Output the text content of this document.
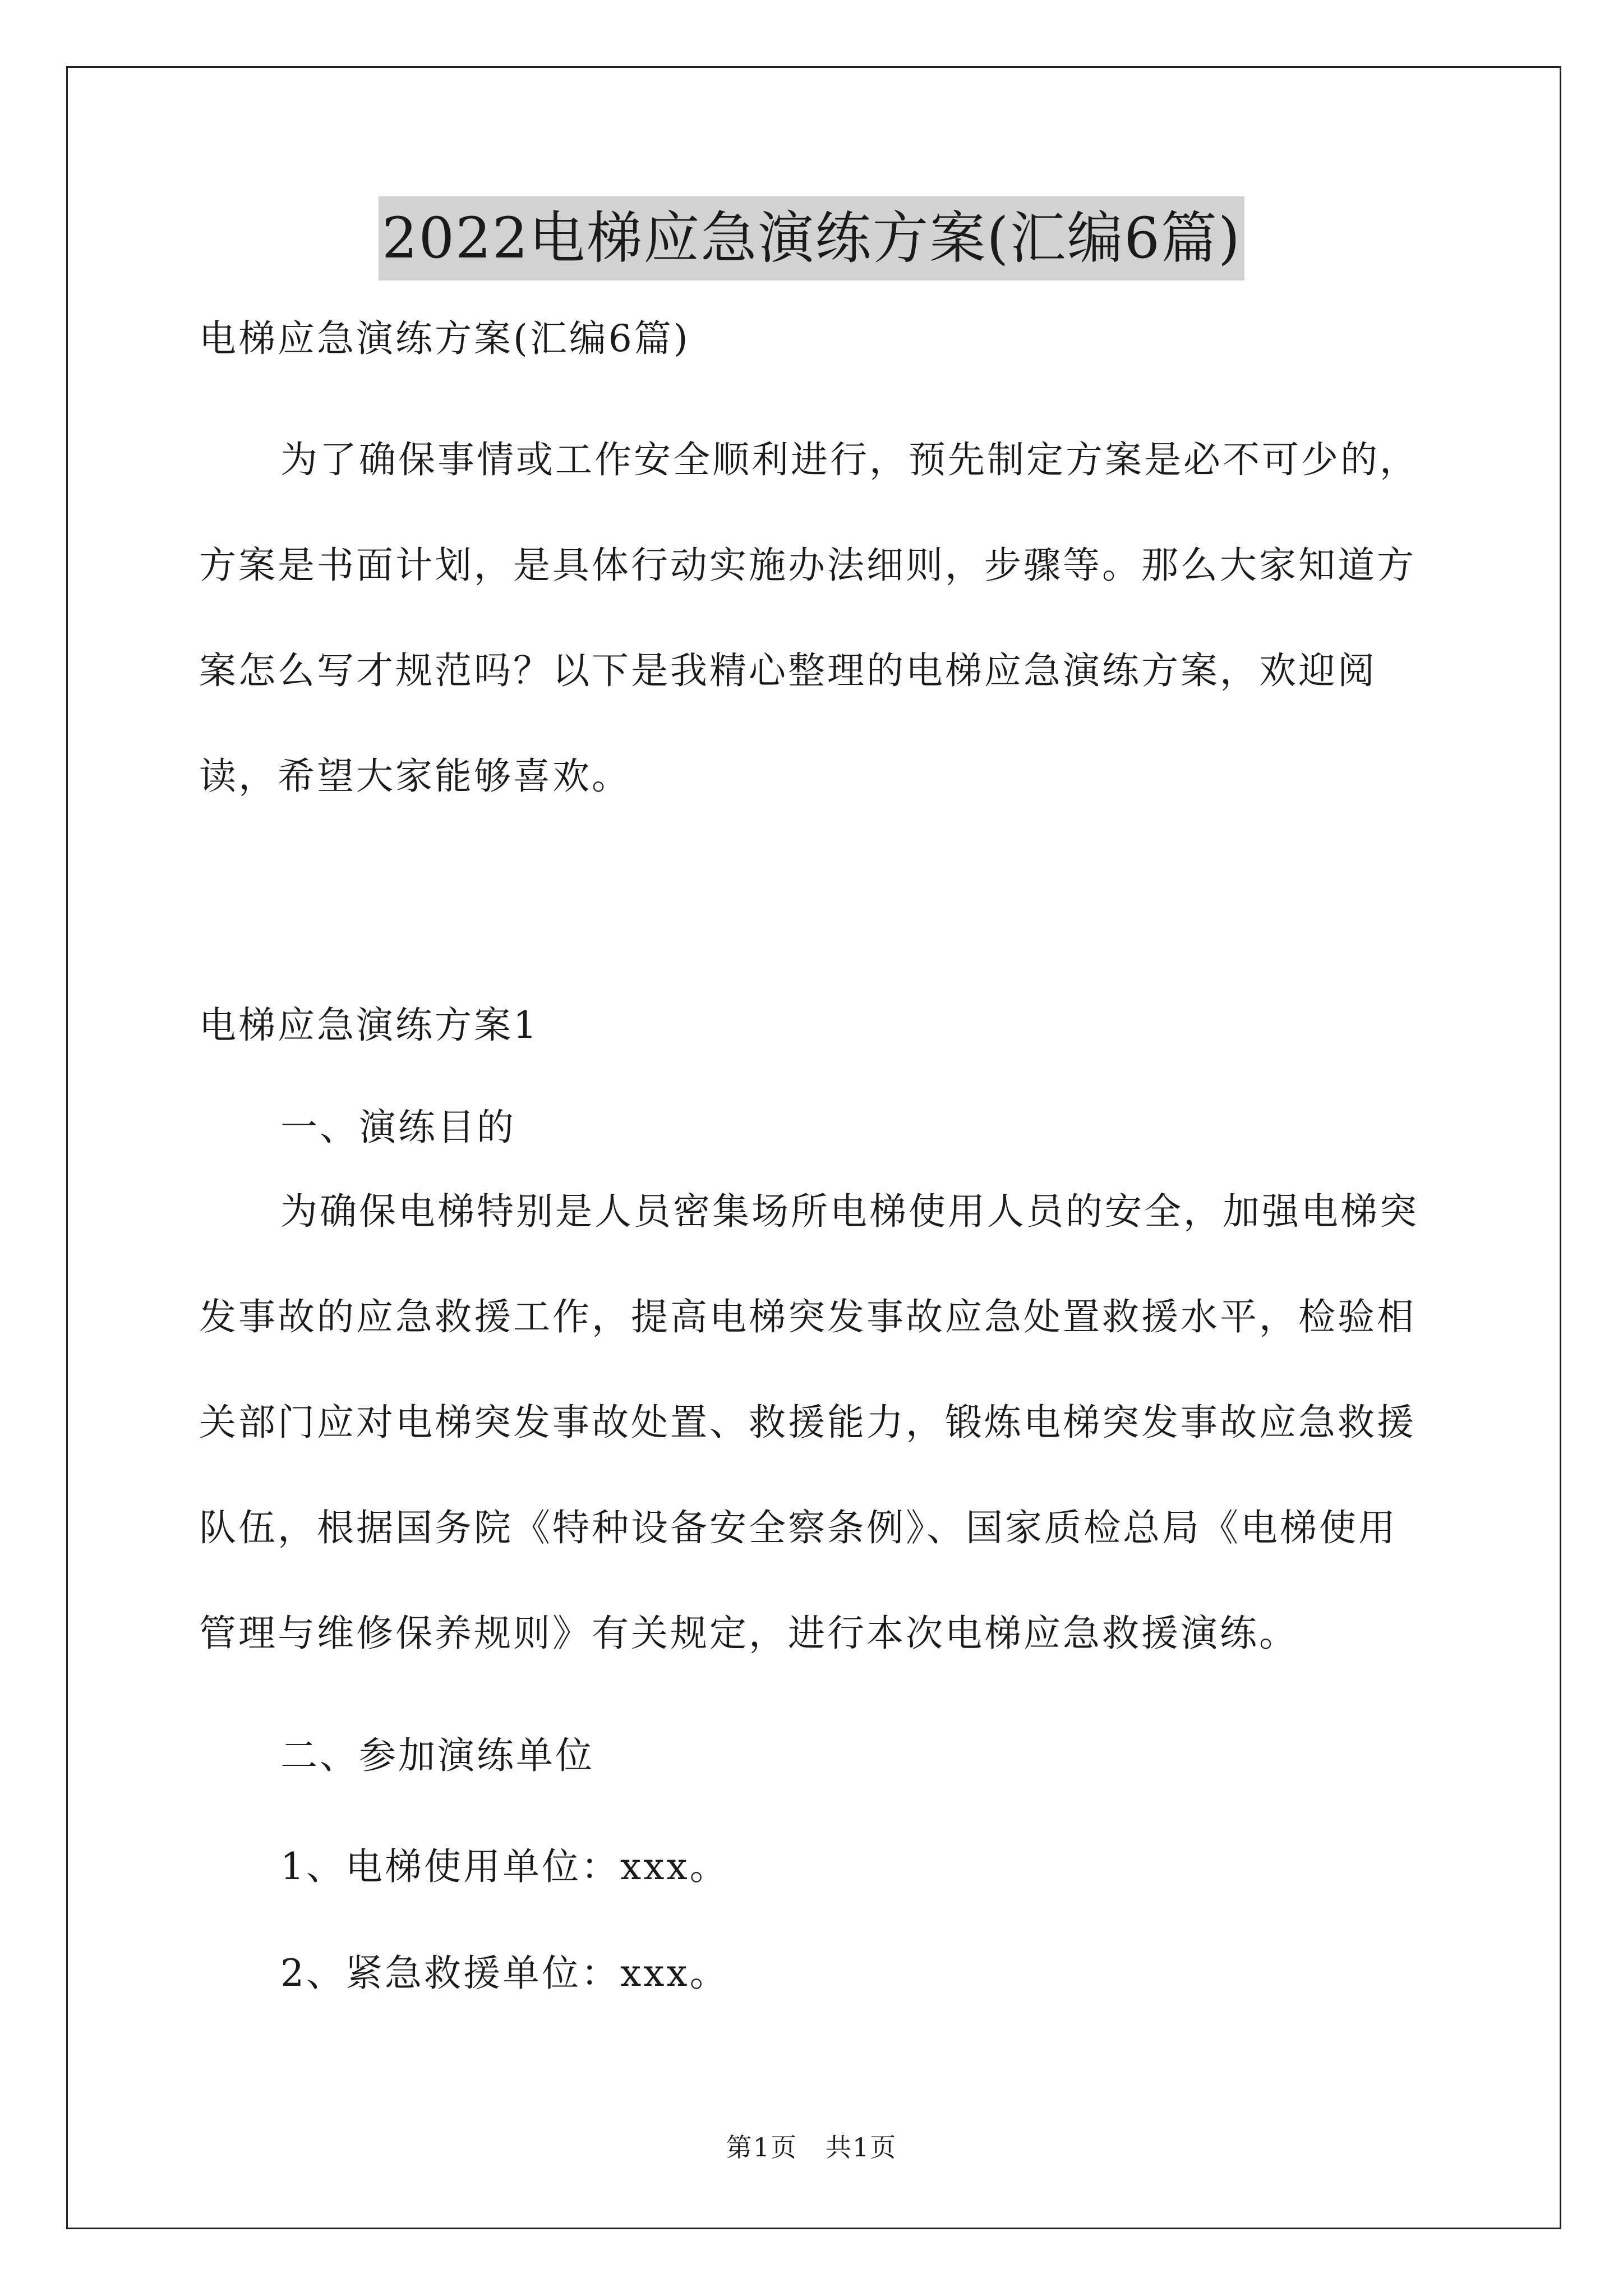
2022电梯应急演练方案(汇编6篇)

电梯应急演练方案(汇编6篇)

为了确保事情或工作安全顺利进行，预先制定方案是必不可少的，方案是书面计划，是具体行动实施办法细则，步骤等。那么大家知道方案怎么写才规范吗？以下是我精心整理的电梯应急演练方案，欢迎阅读，希望大家能够喜欢。

电梯应急演练方案1

一、演练目的

为确保电梯特别是人员密集场所电梯使用人员的安全，加强电梯突发事故的应急救援工作，提高电梯突发事故应急处置救援水平，检验相关部门应对电梯突发事故处置、救援能力，锻炼电梯突发事故应急救援队伍，根据国务院《特种设备安全察条例》、国家质检总局《电梯使用管理与维修保养规则》有关规定，进行本次电梯应急救援演练。

二、参加演练单位

1、电梯使用单位：xxx。

2、紧急救援单位：xxx。

第1页 共1页
